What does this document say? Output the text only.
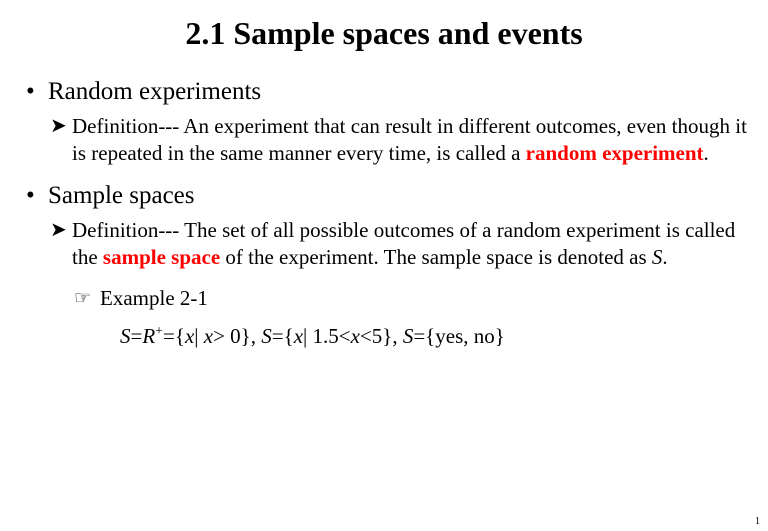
2.1 Sample spaces and events
• Random experiments
➤ Definition--- An experiment that can result in different outcomes, even though it is repeated in the same manner every time, is called a random experiment.
• Sample spaces
➤ Definition--- The set of all possible outcomes of a random experiment is called the sample space of the experiment. The sample space is denoted as S.
☞ Example 2-1
S=R+={x| x> 0}, S={x| 1.5<x<5}, S={yes, no}
1
